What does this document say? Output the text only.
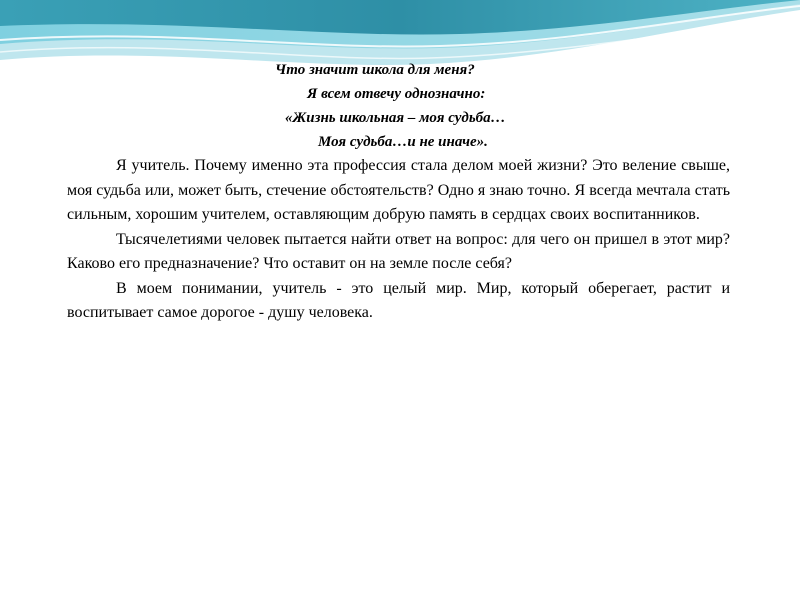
Что значит школа для меня?
Я всем отвечу однозначно:
«Жизнь школьная – моя судьба…
Моя судьба…и не иначе».

Я учитель. Почему именно эта профессия стала делом моей жизни? Это веление свыше, моя судьба или, может быть, стечение обстоятельств? Одно я знаю точно. Я всегда мечтала стать сильным, хорошим учителем, оставляющим добрую память в сердцах своих воспитанников.

Тысячелетиями человек пытается найти ответ на вопрос: для чего он пришел в этот мир? Каково его предназначение? Что оставит он на земле после себя?

В моем понимании, учитель - это целый мир. Мир, который оберегает, растит и воспитывает самое дорогое - душу человека.
